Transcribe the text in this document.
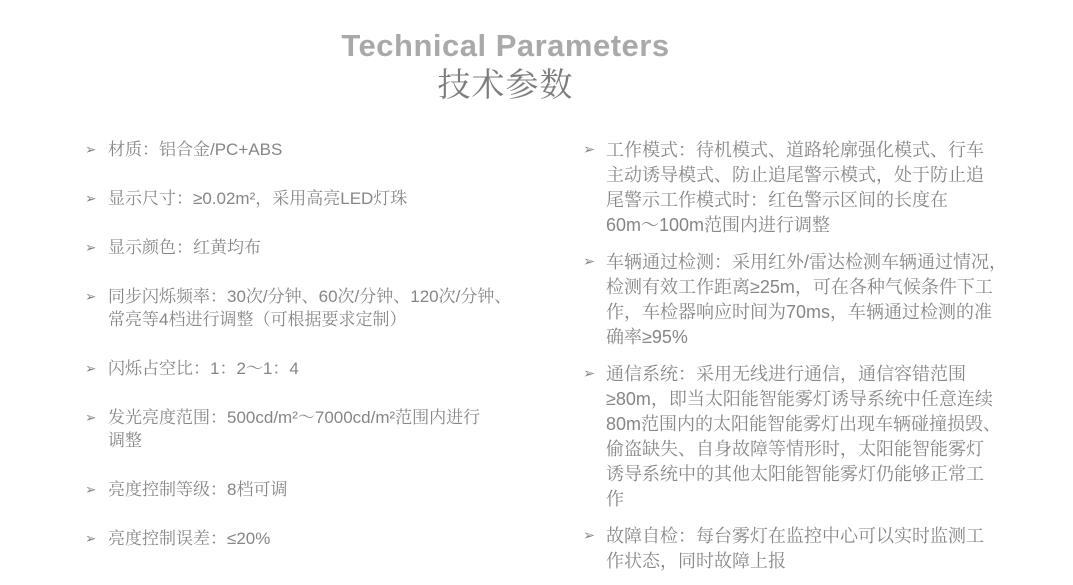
Technical Parameters
技术参数
➢ 材质：铝合金/PC+ABS
➢ 显示尺寸：≥0.02m²，采用高亮LED灯珠
➢ 显示颜色：红黄均布
➢ 同步闪烁频率：30次/分钟、60次/分钟、120次/分钟、
常亮等4档进行调整（可根据要求定制）
➢ 闪烁占空比：1：2～1：4
➢ 发光亮度范围：500cd/m²～7000cd/m²范围内进行
调整
➢ 亮度控制等级：8档可调
➢ 亮度控制误差：≤20%
➢ 工作模式：待机模式、道路轮廓强化模式、行车
主动诱导模式、防止追尾警示模式，处于防止追
尾警示工作模式时：红色警示区间的长度在
60m～100m范围内进行调整
➢ 车辆通过检测：采用红外/雷达检测车辆通过情况，
检测有效工作距离≥25m，可在各种气候条件下工
作，车检器响应时间为70ms，车辆通过检测的准
确率≥95%
➢ 通信系统：采用无线进行通信，通信容错范围
≥80m，即当太阳能智能雾灯诱导系统中任意连续
80m范围内的太阳能智能雾灯出现车辆碰撞损毁、
偷盗缺失、自身故障等情形时，太阳能智能雾灯
诱导系统中的其他太阳能智能雾灯仍能够正常工
作
➢ 故障自检：每台雾灯在监控中心可以实时监测工
作状态，同时故障上报
